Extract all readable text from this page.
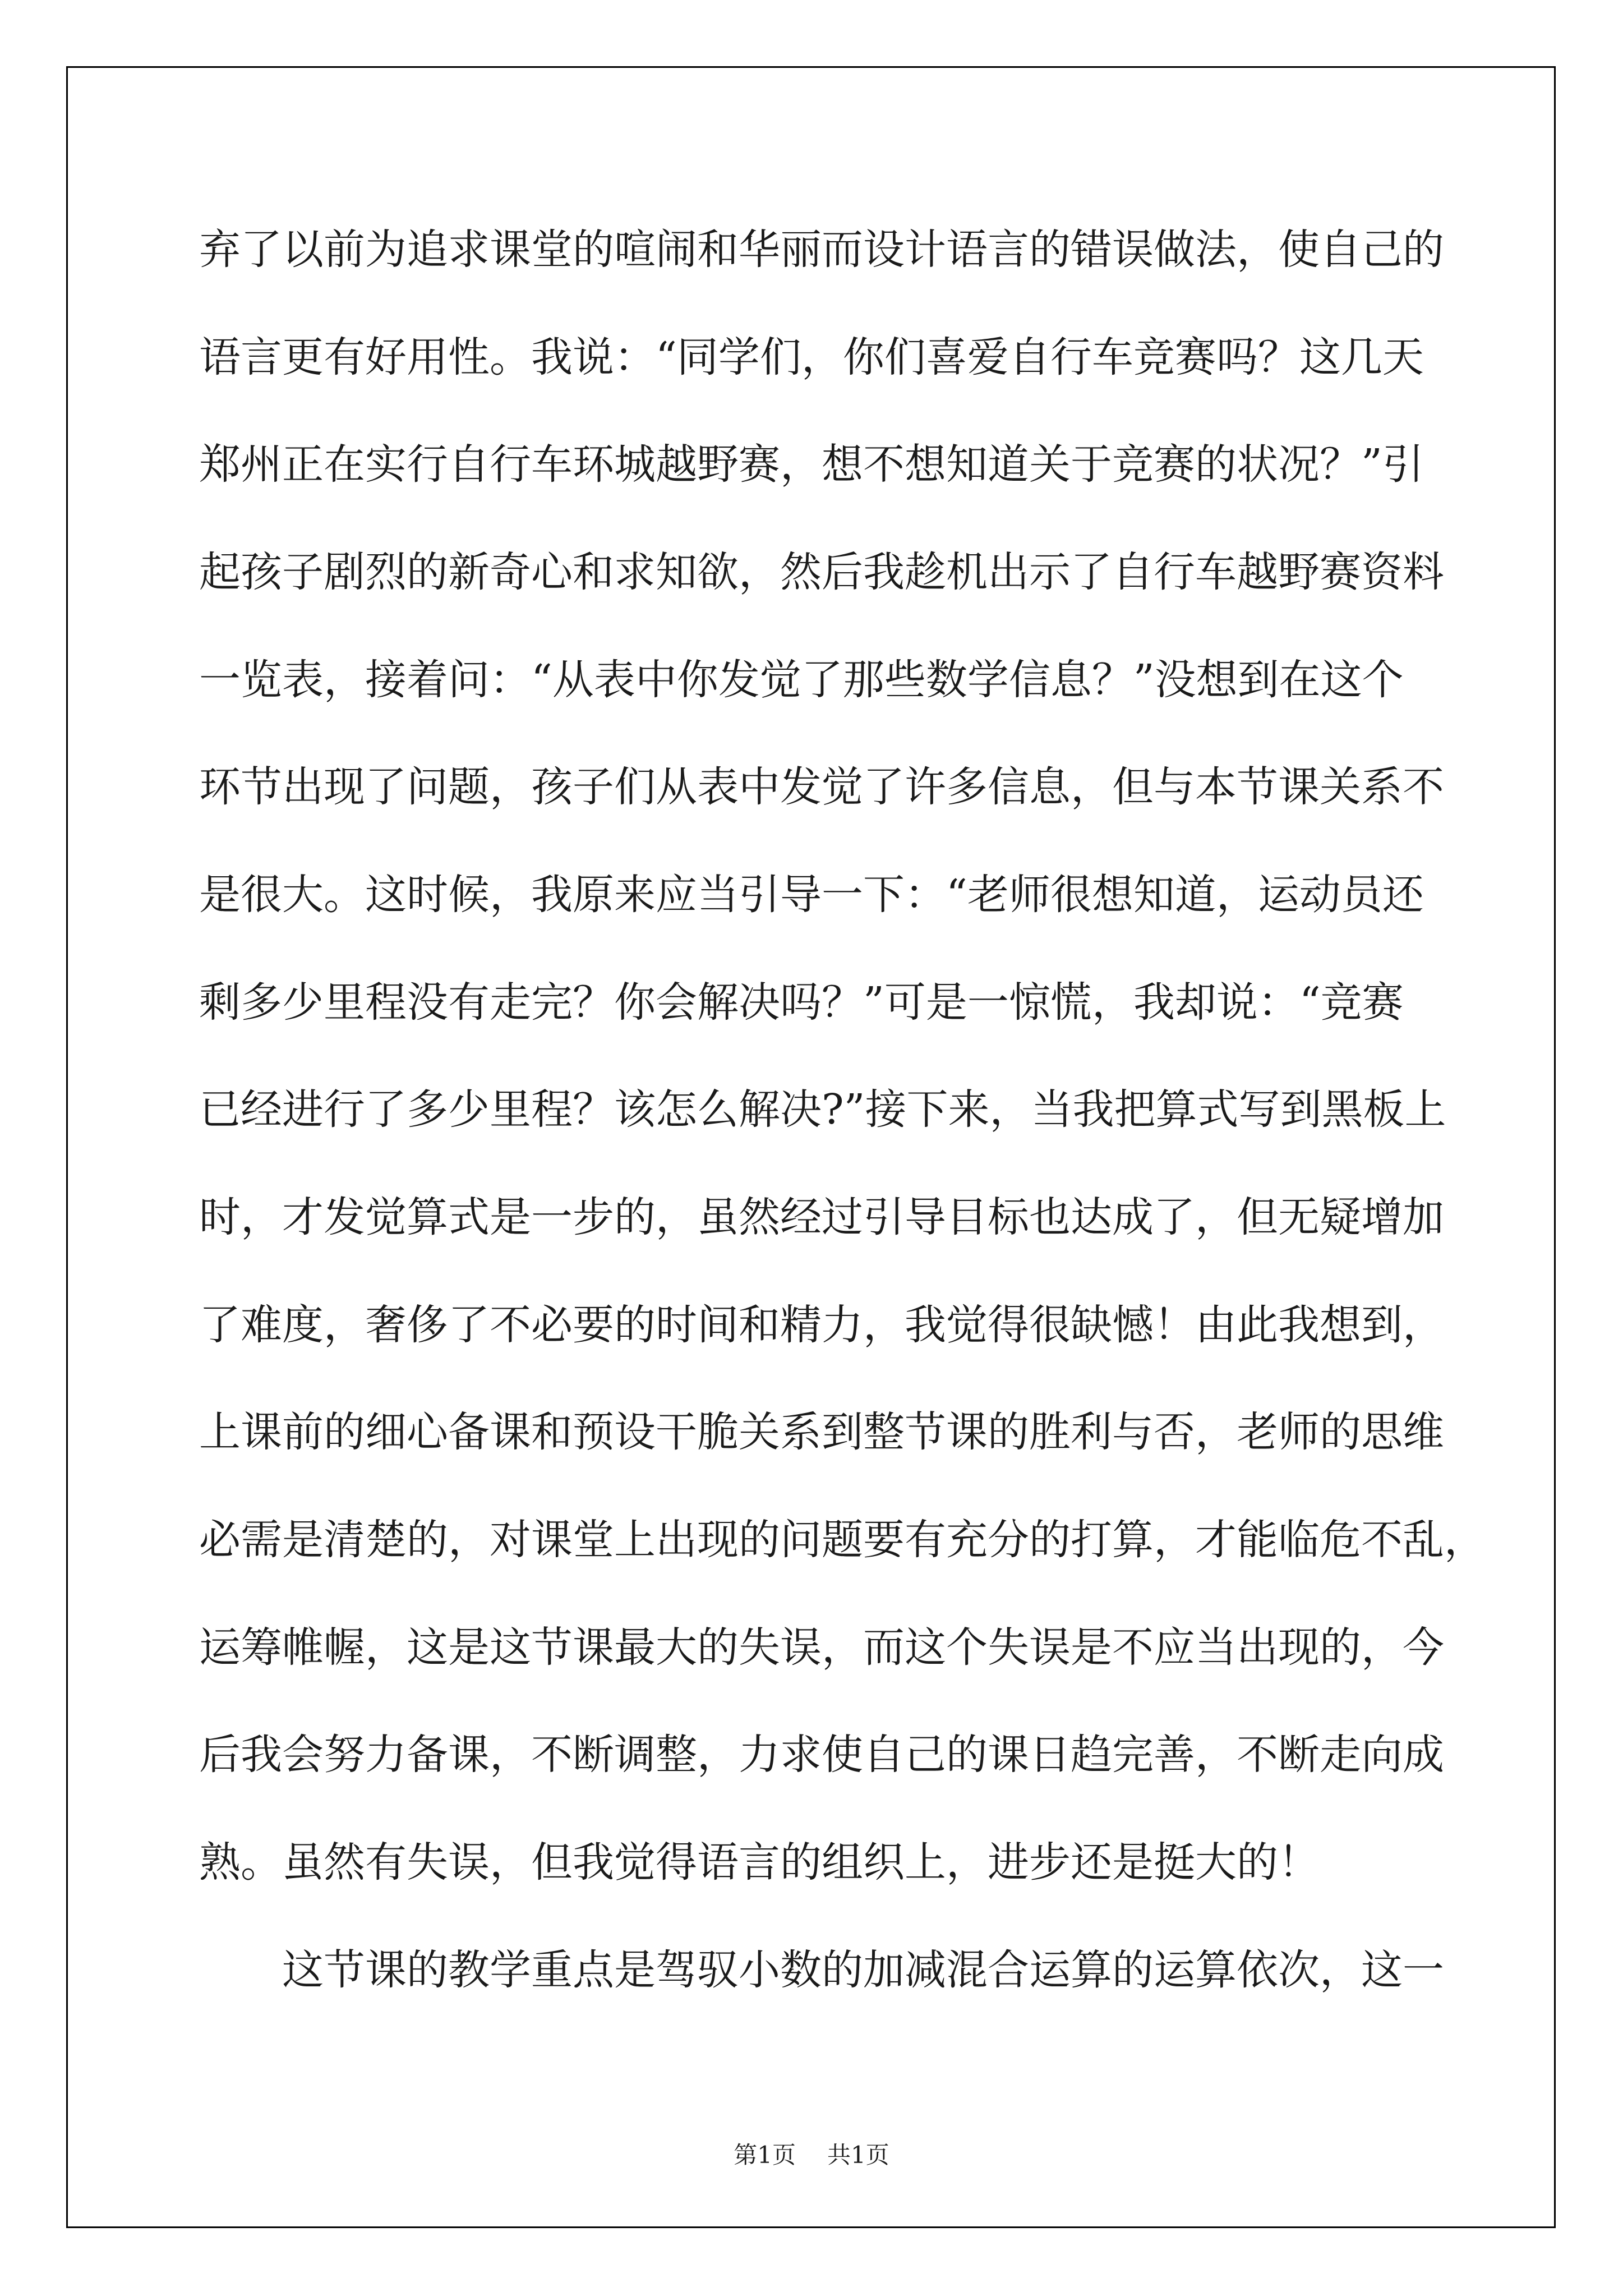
弃了以前为追求课堂的喧闹和华丽而设计语言的错误做法，使自己的
语言更有好用性。我说：“同学们，你们喜爱自行车竞赛吗？这几天
郑州正在实行自行车环城越野赛，想不想知道关于竞赛的状况？”引
起孩子剧烈的新奇心和求知欲，然后我趁机出示了自行车越野赛资料
一览表，接着问：“从表中你发觉了那些数学信息？”没想到在这个
环节出现了问题，孩子们从表中发觉了许多信息，但与本节课关系不
是很大。这时候，我原来应当引导一下：“老师很想知道，运动员还
剩多少里程没有走完？你会解决吗？”可是一惊慌，我却说：“竞赛
已经进行了多少里程？该怎么解决?”接下来，当我把算式写到黑板上
时，才发觉算式是一步的，虽然经过引导目标也达成了，但无疑增加
了难度，奢侈了不必要的时间和精力，我觉得很缺憾！由此我想到，
上课前的细心备课和预设干脆关系到整节课的胜利与否，老师的思维
必需是清楚的，对课堂上出现的问题要有充分的打算，才能临危不乱，
运筹帷幄，这是这节课最大的失误，而这个失误是不应当出现的，今
后我会努力备课，不断调整，力求使自己的课日趋完善，不断走向成
熟。虽然有失误，但我觉得语言的组织上，进步还是挺大的！
　　这节课的教学重点是驾驭小数的加减混合运算的运算依次，这一
第1页 共1页
